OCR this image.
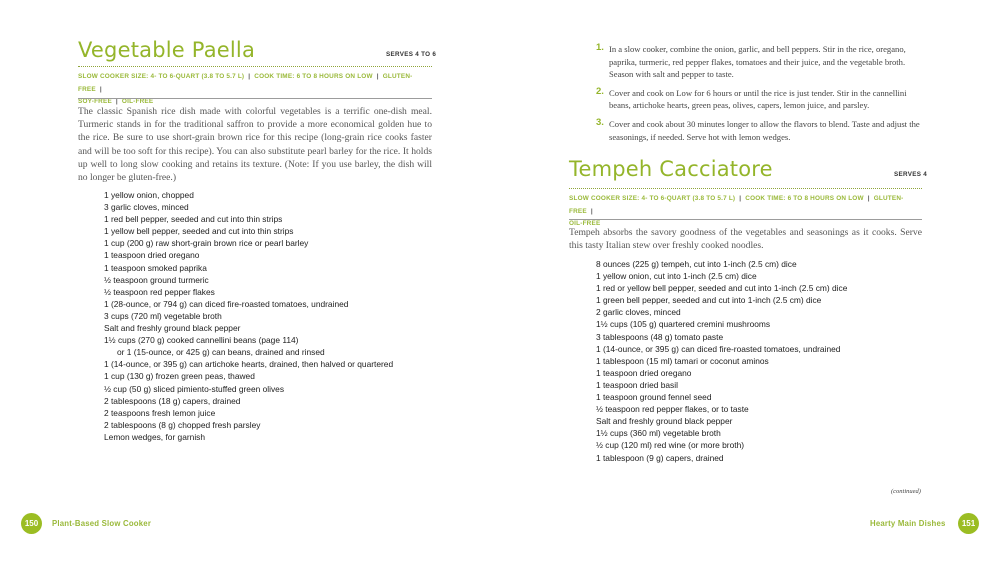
Vegetable Paella	SERVES 4 TO 6
SLOW COOKER SIZE: 4- TO 6-QUART (3.8 TO 5.7 L) | COOK TIME: 6 TO 8 HOURS ON LOW | GLUTEN-FREE |
SOY-FREE | OIL-FREE

The classic Spanish rice dish made with colorful vegetables is a terrific one-dish meal. Turmeric stands in for the traditional saffron to provide a more economical golden hue to the rice. Be sure to use short-grain brown rice for this recipe (long-grain rice cooks faster and will be too soft for this recipe). You can also substitute pearl barley for the rice. It holds up well to long slow cooking and retains its texture. (Note: If you use barley, the dish will no longer be gluten-free.)

1 yellow onion, chopped
3 garlic cloves, minced
1 red bell pepper, seeded and cut into thin strips
1 yellow bell pepper, seeded and cut into thin strips
1 cup (200 g) raw short-grain brown rice or pearl barley
1 teaspoon dried oregano
1 teaspoon smoked paprika
½ teaspoon ground turmeric
½ teaspoon red pepper flakes
1 (28-ounce, or 794 g) can diced fire-roasted tomatoes, undrained
3 cups (720 ml) vegetable broth
Salt and freshly ground black pepper
1½ cups (270 g) cooked cannellini beans (page 114)
or 1 (15-ounce, or 425 g) can beans, drained and rinsed
1 (14-ounce, or 395 g) can artichoke hearts, drained, then halved or quartered
1 cup (130 g) frozen green peas, thawed
½ cup (50 g) sliced pimiento-stuffed green olives
2 tablespoons (18 g) capers, drained
2 teaspoons fresh lemon juice
2 tablespoons (8 g) chopped fresh parsley
Lemon wedges, for garnish
150	Plant-Based Slow Cooker
1. In a slow cooker, combine the onion, garlic, and bell peppers. Stir in the rice, oregano, paprika, turmeric, red pepper flakes, tomatoes and their juice, and the vegetable broth. Season with salt and pepper to taste.
2. Cover and cook on Low for 6 hours or until the rice is just tender. Stir in the cannellini beans, artichoke hearts, green peas, olives, capers, lemon juice, and parsley.
3. Cover and cook about 30 minutes longer to allow the flavors to blend. Taste and adjust the seasonings, if needed. Serve hot with lemon wedges.
Tempeh Cacciatore	SERVES 4
SLOW COOKER SIZE: 4- TO 6-QUART (3.8 TO 5.7 L) | COOK TIME: 6 TO 8 HOURS ON LOW | GLUTEN-FREE |
OIL-FREE

Tempeh absorbs the savory goodness of the vegetables and seasonings as it cooks. Serve this tasty Italian stew over freshly cooked noodles.

8 ounces (225 g) tempeh, cut into 1-inch (2.5 cm) dice
1 yellow onion, cut into 1-inch (2.5 cm) dice
1 red or yellow bell pepper, seeded and cut into 1-inch (2.5 cm) dice
1 green bell pepper, seeded and cut into 1-inch (2.5 cm) dice
2 garlic cloves, minced
1½ cups (105 g) quartered cremini mushrooms
3 tablespoons (48 g) tomato paste
1 (14-ounce, or 395 g) can diced fire-roasted tomatoes, undrained
1 tablespoon (15 ml) tamari or coconut aminos
1 teaspoon dried oregano
1 teaspoon dried basil
1 teaspoon ground fennel seed
½ teaspoon red pepper flakes, or to taste
Salt and freshly ground black pepper
1½ cups (360 ml) vegetable broth
½ cup (120 ml) red wine (or more broth)
1 tablespoon (9 g) capers, drained
(continued)
Hearty Main Dishes	151
